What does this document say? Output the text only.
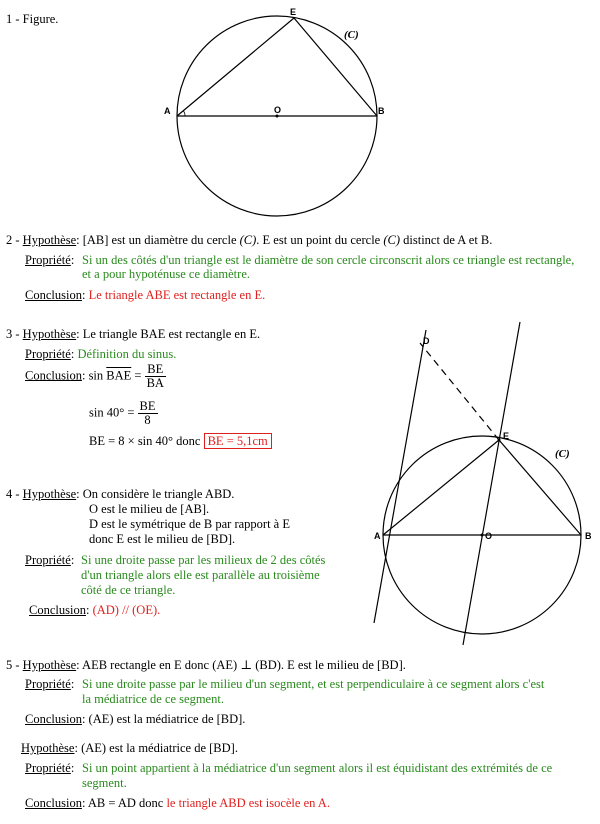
1 - Figure.
A	B
E
O
(C)
A	B
E
O
D
(C)
2 - Hypothèse: [AB] est un diamètre du cercle (C). E est un point du cercle (C) distinct de A et B.
Propriété: Si un des côtés d'un triangle est le diamètre de son cercle circonscrit alors ce triangle est rectangle, et a pour hypoténuse ce diamètre.
Conclusion: Le triangle ABE est rectangle en E.
3 - Hypothèse: Le triangle BAE est rectangle en E.
Propriété: Définition du sinus.
Conclusion: $\sin \overline{BAE} = \frac{BE}{BA}$
$\sin 40^\circ = \frac{BE}{8}$
BE = 8 × sin 40° donc BE = 5,1cm
4 - Hypothèse: On considère le triangle ABD.
O est le milieu de [AB].
D est le symétrique de B par rapport à E
donc E est le milieu de [BD].
Propriété: Si une droite passe par les milieux de 2 des côtés
d'un triangle alors elle est parallèle au troisième
côté de ce triangle.
Conclusion: (AD) // (OE).
5 - Hypothèse: AEB rectangle en E donc (AE) ⊥ (BD). E est le milieu de [BD].
Propriété: Si une droite passe par le milieu d'un segment, et est perpendiculaire à ce segment alors c'est
la médiatrice de ce segment.
Conclusion: (AE) est la médiatrice de [BD].
Hypothèse: (AE) est la médiatrice de [BD].
Propriété: Si un point appartient à la médiatrice d'un segment alors il est équidistant des extrémités de ce
segment.
Conclusion: AB = AD donc le triangle ABD est isocèle en A.
